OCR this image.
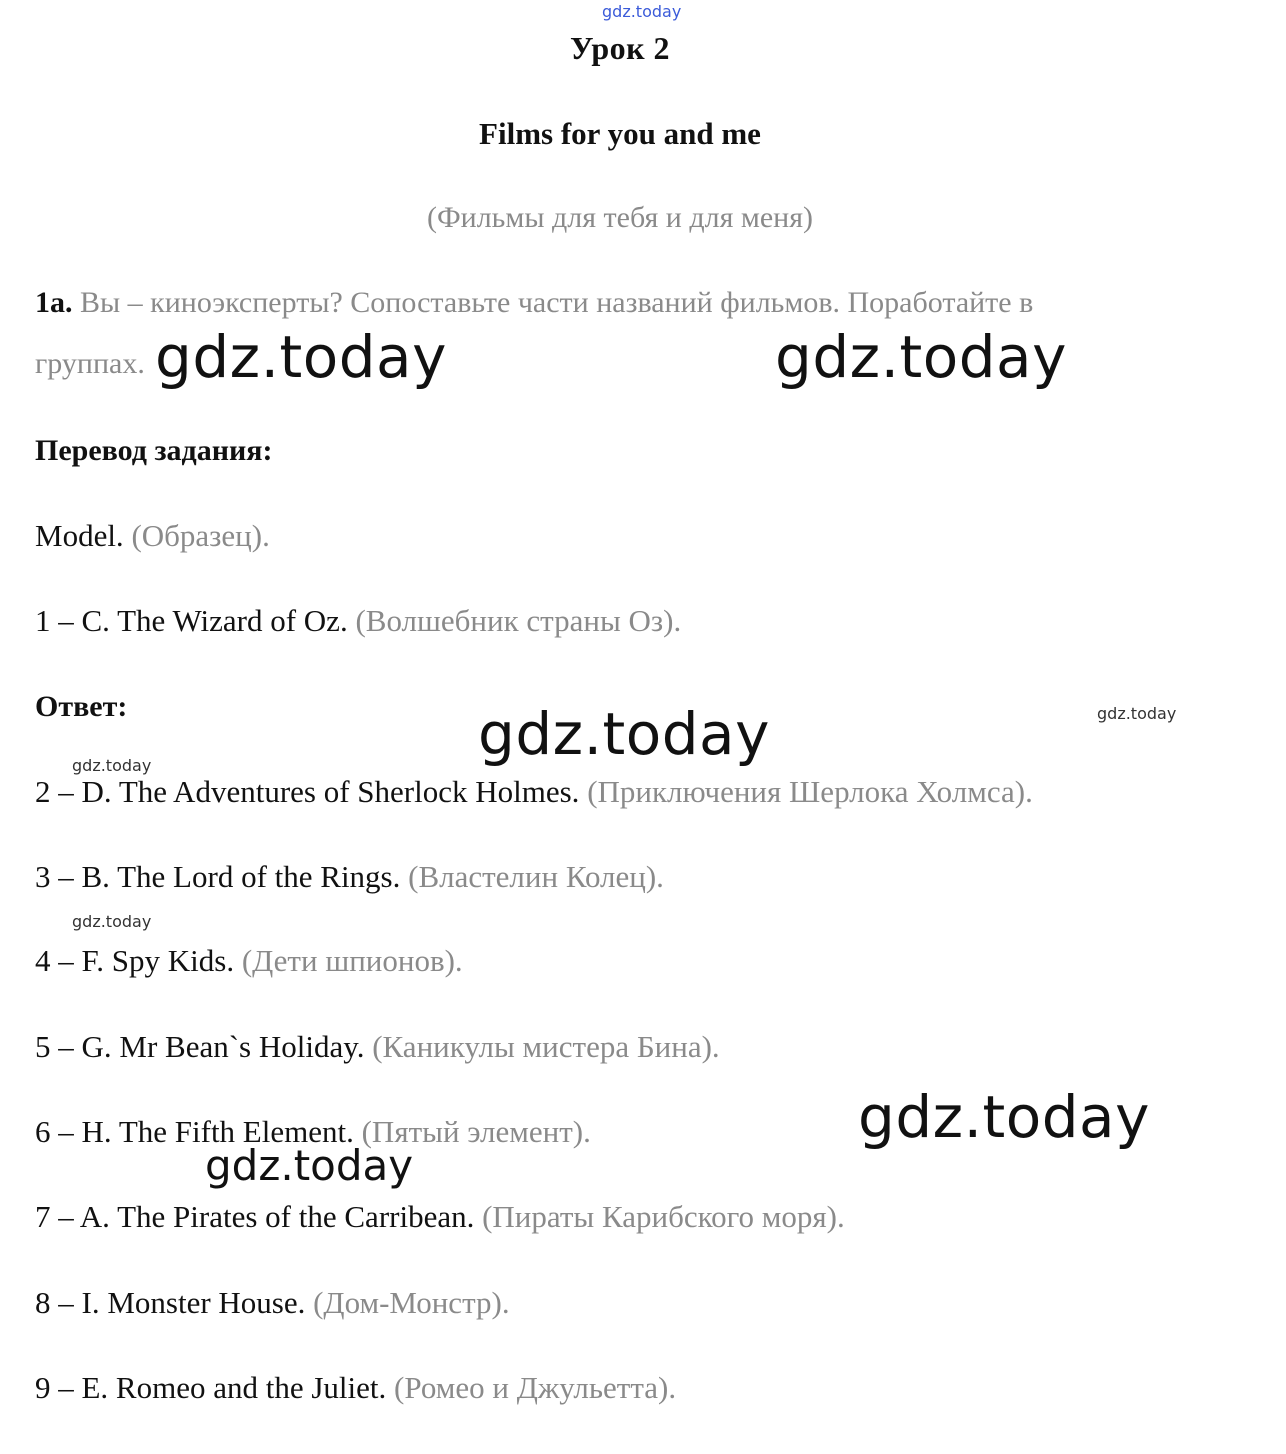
gdz.today
Урок 2
Films for you and me
(Фильмы для тебя и для меня)
1a. Вы – киноэксперты? Сопоставьте части названий фильмов. Поработайте в
группах.
Перевод задания:
Model. (Образец).
1 – C. The Wizard of Oz. (Волшебник страны Оз).
Ответ:
2 – D. The Adventures of Sherlock Holmes. (Приключения Шерлока Холмса).
3 – B. The Lord of the Rings. (Властелин Колец).
4 – F. Spy Kids. (Дети шпионов).
5 – G. Mr Bean`s Holiday. (Каникулы мистера Бина).
6 – H. The Fifth Element. (Пятый элемент).
7 – A. The Pirates of the Carribean. (Пираты Карибского моря).
8 – I. Monster House. (Дом-Монстр).
9 – E. Romeo and the Juliet. (Ромео и Джульетта).
gdz.today	gdz.today
gdz.today	gdz.today
gdz.today
gdz.today
gdz.today
gdz.today
